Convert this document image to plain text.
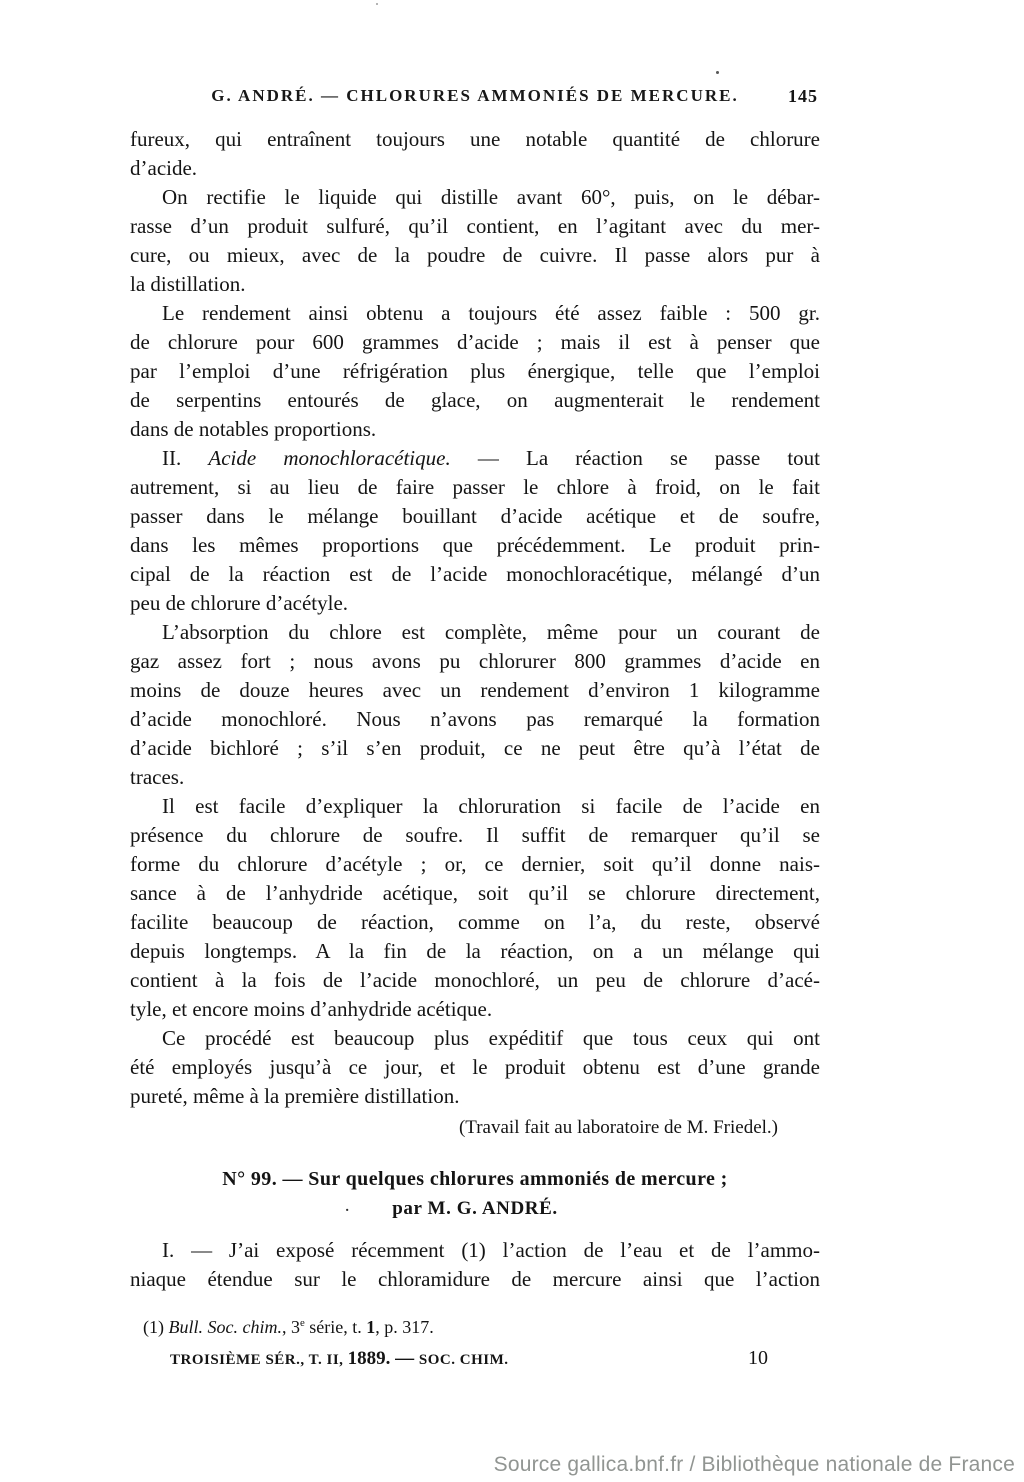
G. ANDRÉ. — CHLORURES AMMONIÉS DE MERCURE.	145
fureux, qui entraînent toujours une notable quantité de chlorure
d’acide.
On rectifie le liquide qui distille avant 60°, puis, on le débar-
rasse d’un produit sulfuré, qu’il contient, en l’agitant avec du mer-
cure, ou mieux, avec de la poudre de cuivre. Il passe alors pur à
la distillation.
Le rendement ainsi obtenu a toujours été assez faible : 500 gr.
de chlorure pour 600 grammes d’acide ; mais il est à penser que
par l’emploi d’une réfrigération plus énergique, telle que l’emploi
de serpentins entourés de glace, on augmenterait le rendement
dans de notables proportions.
II. Acide monochloracétique. — La réaction se passe tout
autrement, si au lieu de faire passer le chlore à froid, on le fait
passer dans le mélange bouillant d’acide acétique et de soufre,
dans les mêmes proportions que précédemment. Le produit prin-
cipal de la réaction est de l’acide monochloracétique, mélangé d’un
peu de chlorure d’acétyle.
L’absorption du chlore est complète, même pour un courant de
gaz assez fort ; nous avons pu chlorurer 800 grammes d’acide en
moins de douze heures avec un rendement d’environ 1 kilogramme
d’acide monochloré. Nous n’avons pas remarqué la formation
d’acide bichloré ; s’il s’en produit, ce ne peut être qu’à l’état de
traces.
Il est facile d’expliquer la chloruration si facile de l’acide en
présence du chlorure de soufre. Il suffit de remarquer qu’il se
forme du chlorure d’acétyle ; or, ce dernier, soit qu’il donne nais-
sance à de l’anhydride acétique, soit qu’il se chlorure directement,
facilite beaucoup de réaction, comme on l’a, du reste, observé
depuis longtemps. A la fin de la réaction, on a un mélange qui
contient à la fois de l’acide monochloré, un peu de chlorure d’acé-
tyle, et encore moins d’anhydride acétique.
Ce procédé est beaucoup plus expéditif que tous ceux qui ont
été employés jusqu’à ce jour, et le produit obtenu est d’une grande
pureté, même à la première distillation.
(Travail fait au laboratoire de M. Friedel.)
N° 99. — Sur quelques chlorures ammoniés de mercure ;
· par M. G. ANDRÉ.
I. — J’ai exposé récemment (1) l’action de l’eau et de l’ammo-
niaque étendue sur le chloramidure de mercure ainsi que l’action
(1) Bull. Soc. chim., 3e série, t. 1, p. 317.
TROISIÈME SÉR., T. II, 1889. — SOC. CHIM.	10
Source gallica.bnf.fr / Bibliothèque nationale de France
